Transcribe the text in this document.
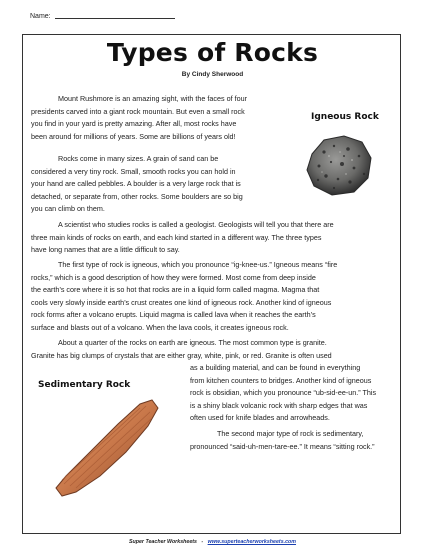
Name:
Types of Rocks
By Cindy Sherwood
Mount Rushmore is an amazing sight, with the faces of four
presidents carved into a giant rock mountain. But even a small rock
you find in your yard is pretty amazing. After all, most rocks have
been around for millions of years. Some are billions of years old!
Rocks come in many sizes. A grain of sand can be
considered a very tiny rock. Small, smooth rocks you can hold in
your hand are called pebbles. A boulder is a very large rock that is
detached, or separate from, other rocks. Some boulders are so big
you can climb on them.
A scientist who studies rocks is called a geologist. Geologists will tell you that there are
three main kinds of rocks on earth, and each kind started in a different way. The three types
have long names that are a little difficult to say.
The first type of rock is igneous, which you pronounce “ig-knee-us.” Igneous means “fire
rocks,” which is a good description of how they were formed. Most come from deep inside
the earth’s core where it is so hot that rocks are in a liquid form called magma. Magma that
cools very slowly inside earth’s crust creates one kind of igneous rock. Another kind of igneous
rock forms after a volcano erupts. Liquid magma is called lava when it reaches the earth’s
surface and blasts out of a volcano. When the lava cools, it creates igneous rock.
About a quarter of the rocks on earth are igneous. The most common type is granite.
Granite has big clumps of crystals that are either gray, white, pink, or red. Granite is often used
as a building material, and can be found in everything
from kitchen counters to bridges. Another kind of igneous
rock is obsidian, which you pronounce “ub-sid-ee-un.” This
is a shiny black volcanic rock with sharp edges that was
often used for knife blades and arrowheads.
The second major type of rock is sedimentary,
pronounced “said-uh-men-tare-ee.” It means “sitting rock.”
Igneous Rock
Sedimentary Rock
Super Teacher Worksheets - www.superteacherworksheets.com
